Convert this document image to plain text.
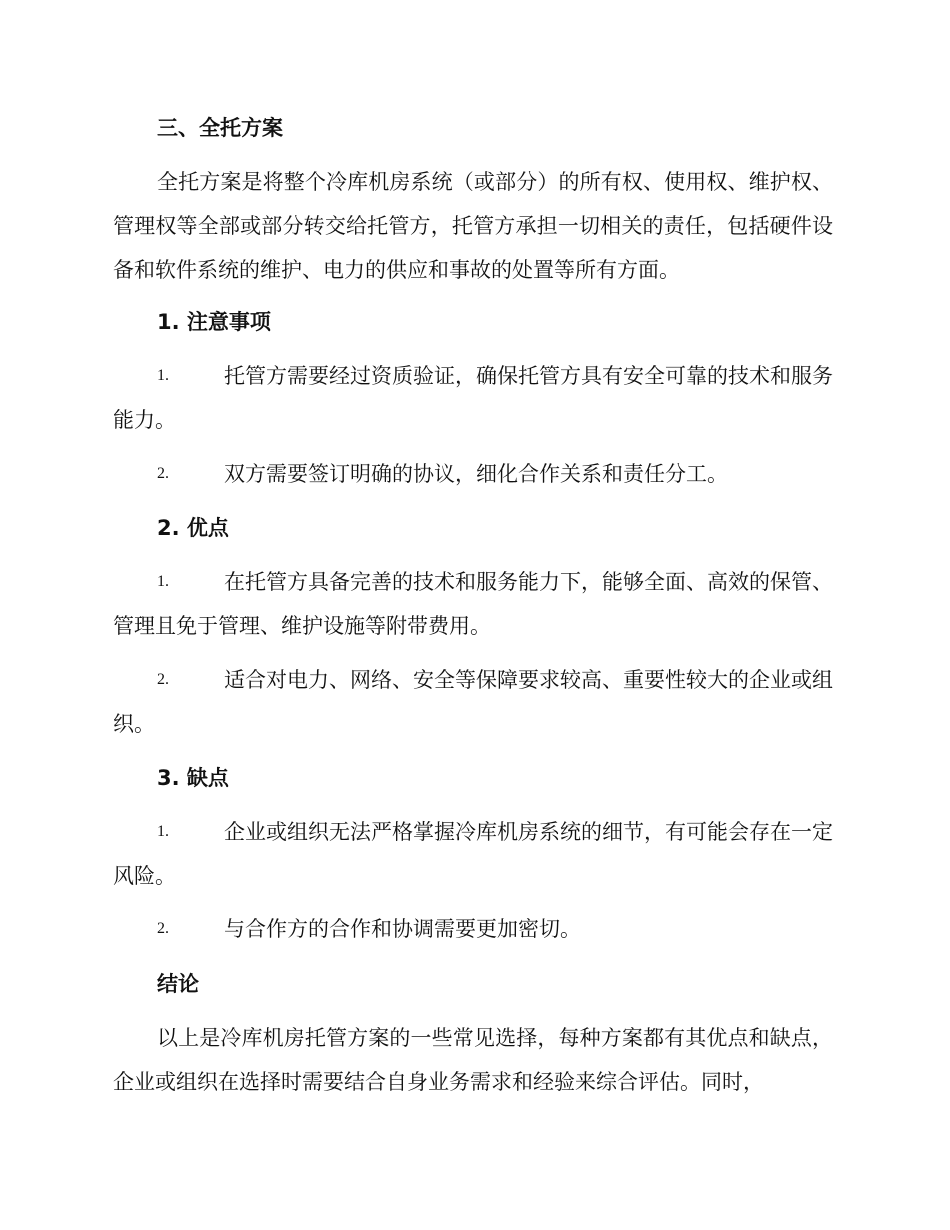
三、全托方案
全托方案是将整个冷库机房系统（或部分）的所有权、使用权、维护权、管理权等全部或部分转交给托管方，托管方承担一切相关的责任，包括硬件设备和软件系统的维护、电力的供应和事故的处置等所有方面。
1. 注意事项
1.	托管方需要经过资质验证，确保托管方具有安全可靠的技术和服务能力。
2.	双方需要签订明确的协议，细化合作关系和责任分工。
2. 优点
1.	在托管方具备完善的技术和服务能力下，能够全面、高效的保管、管理且免于管理、维护设施等附带费用。
2.	适合对电力、网络、安全等保障要求较高、重要性较大的企业或组织。
3. 缺点
1.	企业或组织无法严格掌握冷库机房系统的细节，有可能会存在一定风险。
2.	与合作方的合作和协调需要更加密切。
结论
以上是冷库机房托管方案的一些常见选择，每种方案都有其优点和缺点，企业或组织在选择时需要结合自身业务需求和经验来综合评估。同时，
